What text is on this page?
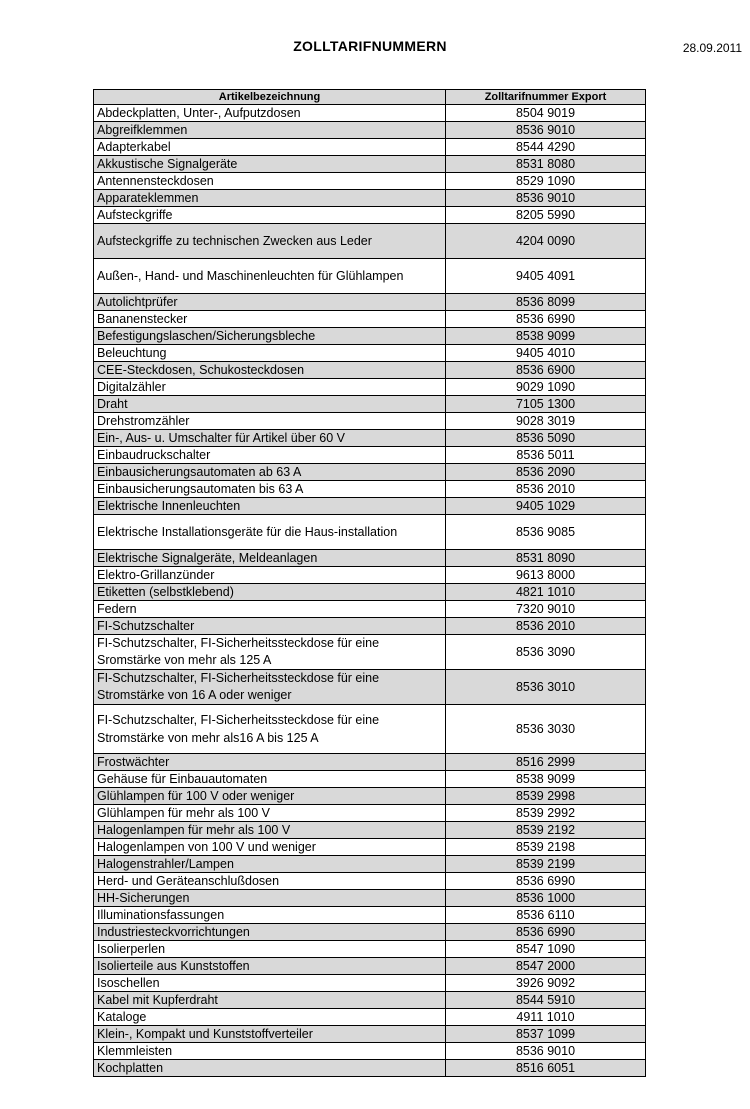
ZOLLTARIFNUMMERN	28.09.2011
Artikelbezeichnung	Zolltarifnummer Export
Abdeckplatten, Unter-, Aufputzdosen	8504 9019
Abgreifklemmen	8536 9010
Adapterkabel	8544 4290
Akkustische Signalgeräte	8531 8080
Antennensteckdosen	8529 1090
Apparateklemmen	8536 9010
Aufsteckgriffe	8205 5990
Aufsteckgriffe zu technischen Zwecken aus Leder	4204 0090
Außen-, Hand- und Maschinenleuchten für Glühlampen	9405 4091
Autolichtprüfer	8536 8099
Bananenstecker	8536 6990
Befestigungslaschen/Sicherungsbleche	8538 9099
Beleuchtung	9405 4010
CEE-Steckdosen, Schukosteckdosen	8536 6900
Digitalzähler	9029 1090
Draht	7105 1300
Drehstromzähler	9028 3019
Ein-, Aus- u. Umschalter für Artikel über 60 V	8536 5090
Einbaudruckschalter	8536 5011
Einbausicherungsautomaten ab 63 A	8536 2090
Einbausicherungsautomaten bis 63 A	8536 2010
Elektrische Innenleuchten	9405 1029
Elektrische Installationsgeräte für die Haus-installation	8536 9085
Elektrische Signalgeräte, Meldeanlagen	8531 8090
Elektro-Grillanzünder	9613 8000
Etiketten (selbstklebend)	4821 1010
Federn	7320 9010
FI-Schutzschalter	8536 2010
FI-Schutzschalter, FI-Sicherheitssteckdose für eine Sromstärke von mehr als 125 A	8536 3090
FI-Schutzschalter, FI-Sicherheitssteckdose für eine Stromstärke von 16 A oder weniger	8536 3010
FI-Schutzschalter, FI-Sicherheitssteckdose für eine Stromstärke von mehr als16 A bis 125 A	8536 3030
Frostwächter	8516 2999
Gehäuse für Einbauautomaten	8538 9099
Glühlampen für 100 V oder weniger	8539 2998
Glühlampen für mehr als 100 V	8539 2992
Halogenlampen für mehr als 100 V	8539 2192
Halogenlampen von 100 V und weniger	8539 2198
Halogenstrahler/Lampen	8539 2199
Herd- und Geräteanschlußdosen	8536 6990
HH-Sicherungen	8536 1000
Illuminationsfassungen	8536 6110
Industriesteckvorrichtungen	8536 6990
Isolierperlen	8547 1090
Isolierteile aus Kunststoffen	8547 2000
Isoschellen	3926 9092
Kabel mit Kupferdraht	8544 5910
Kataloge	4911 1010
Klein-, Kompakt und Kunststoffverteiler	8537 1099
Klemmleisten	8536 9010
Kochplatten	8516 6051
